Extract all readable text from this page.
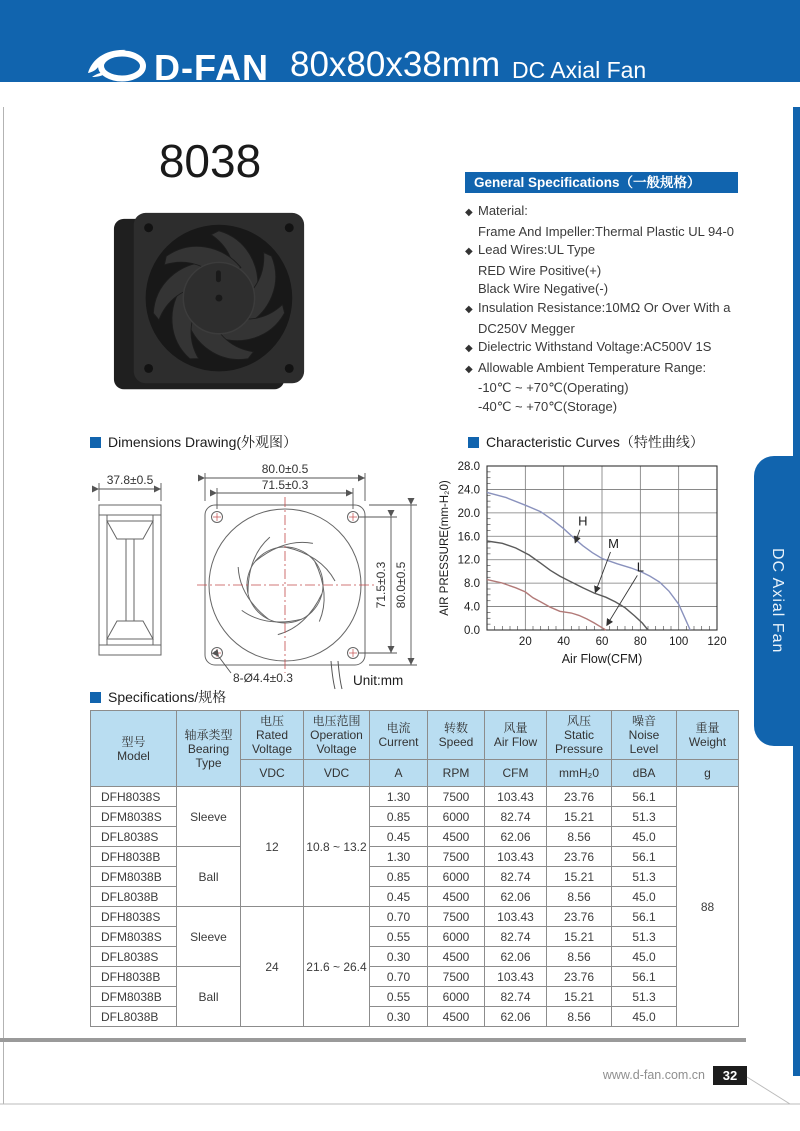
D-FAN 80x80x38mm DC Axial Fan
DC Axial Fan
8038	General Specifications（一般规格）
◆ Material:
Frame And Impeller:Thermal Plastic UL 94-0
◆ Lead Wires:UL Type
RED Wire Positive(+)
Black Wire Negative(-)
◆ Insulation Resistance:10MΩ Or Over With a
DC250V Megger
◆ Dielectric Withstand Voltage:AC500V 1S
◆ Allowable Ambient Temperature Range:
-10℃ ~ +70℃(Operating)
-40℃ ~ +70℃(Storage)
Dimensions Drawing(外观图）	Characteristic Curves（特性曲线）
37.8±0.5
80.0±0.5
71.5±0.3
71.5±0.3 80.0±0.5
8-Ø4.4±0.3	Unit:mm
0.0
4.0
8.0
12.0
16.0
20.0
24.0
28.0
20 40 60 80 100 120
H
M
L
AIR PRESSURE(mm-H₂0)
Air Flow(CFM)
Specifications/规格
型号
Model	轴承类型
Bearing Type	电压
Rated Voltage	电压范围
Operation Voltage	电流
Current	转数
Speed	风量
Air Flow	风压
Static Pressure	噪音
Noise Level	重量
Weight
		VDC	VDC	A	RPM	CFM	mmH₂0	dBA	g
DFH8038S	Sleeve	12	10.8 ~ 13.2	1.30	7500	103.43	23.76	56.1	88
DFM8038S				0.85	6000	82.74	15.21	51.3	
DFL8038S				0.45	4500	62.06	8.56	45.0	
DFH8038B	Ball			1.30	7500	103.43	23.76	56.1	
DFM8038B				0.85	6000	82.74	15.21	51.3	
DFL8038B				0.45	4500	62.06	8.56	45.0	
DFH8038S	Sleeve	24	21.6 ~ 26.4	0.70	7500	103.43	23.76	56.1	
DFM8038S				0.55	6000	82.74	15.21	51.3	
DFL8038S				0.30	4500	62.06	8.56	45.0	
DFH8038B	Ball			0.70	7500	103.43	23.76	56.1	
DFM8038B				0.55	6000	82.74	15.21	51.3	
DFL8038B				0.30	4500	62.06	8.56	45.0	
www.d-fan.com.cn	32
